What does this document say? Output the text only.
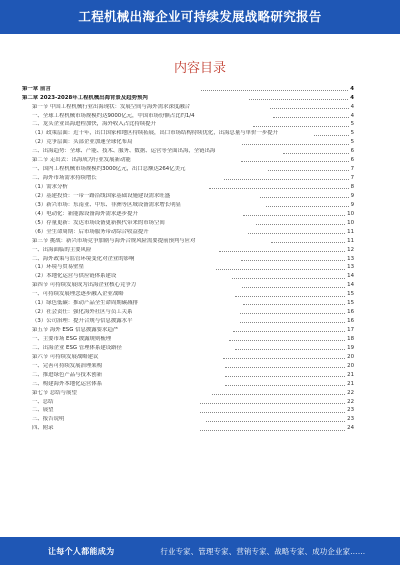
工程机械出海企业可持续发展战略研究报告
内容目录
第一章 前言	4
第二章 2023-2028年工程机械出海背景及趋势预判	4
第一节 中国工程机械行业出海现状：发展空间与海外需求深度融合	4
一、全球工程机械市场规模约达9000亿元，中国市场份额占比约1/4	4
二、龙头企业出海进程加快，海外收入占比持续提升	5
（1）政策层面：近十年，出口国家和地区持续拓展，出口市场结构持续优化，出海总量与单价一步提升	5
（2）竞争层面：头部企业加速全球化布局	5
三、出海趋势：全球、产能、技术、服务、数据、运营等全面出海，全链出海	6
第二节 走出去：出海成为行业发展新动能	6
一、国内工程机械市场规模约3000亿元，出口总额达264亿美元	7
二、海外市场需求持续增长	7
（1）需求分析	8
（2）基建投资：一带一路沿线国家基础设施建设需求旺盛	9
（3）新兴市场：东南亚、中东、非洲等区域设备需求增长明显	9
（4）电动化：新能源设备海外需求逐步提升	10
（5）存量更新：发达市场设备更新换代带来的市场空间	10
（6）全生命周期：后市场服务带动综合收益提升	11
第三节 挑战：新兴市场竞争加剧与海外合规风险需要提前预判与应对	11
一、出海面临的主要风险	12
二、海外政策与监管环境变化对企业的影响	13
（1）环境与贸易壁垒	13
（2）本地化运营与供应链体系建设	14
第四节 可持续发展成为出海企业核心竞争力	14
一、可持续发展理念逐步融入企业战略	15
（1）绿色低碳：推动产品全生命周期碳减排	15
（2）社会责任：强化海外社区与员工关系	16
（3）公司治理：提升合规与信息披露水平	16
第五节 海外 ESG 信息披露要求趋严	17
一、主要市场 ESG 披露规则梳理	18
二、出海企业 ESG 管理体系建设路径	19
第六节 可持续发展战略建议	20
一、完善可持续发展治理架构	20
二、推进绿色产品与技术创新	21
三、构建海外本地化运营体系	21
第七节 总结与展望	22
一、总结	22
二、展望	23
三、报告说明	23
四、附录	24
让每个人都能成为	行业专家、管理专家、营销专家、战略专家、成功企业家……
